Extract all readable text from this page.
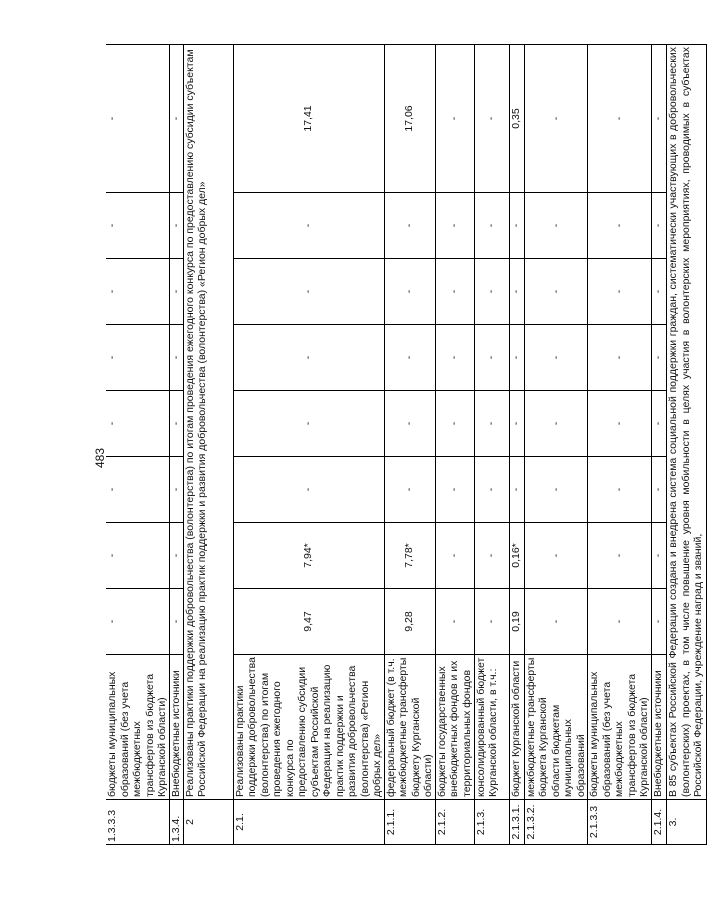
483
1.3.3.3	бюджеты муниципальных образований (без учета межбюджетных трансфертов из бюджета Курганской области)	-	-	-	-	-	-	-	-
1.3.4.	Внебюджетные источники	-	-	-	-	-	-	-	-
2	Реализованы практики поддержки добровольчества (волонтерства) по итогам проведения ежегодного конкурса по предоставлению субсидии субъектам Российской Федерации на реализацию практик поддержки и развития добровольчества (волонтерства) «Регион добрых дел»								
2.1.	Реализованы практики поддержки добровольчества (волонтерства) по итогам проведения ежегодного конкурса по предоставлению субсидии субъектам Российской Федерации на реализацию практик поддержки и развития добровольчества (волонтерства) «Регион добрых дел»	9,47	7,94*	-	-	-	-	-	17,41
2.1.1.	федеральный бюджет (в т.ч. межбюджетные трансферты бюджету Курганской области)	9,28	7,78*	-	-	-	-	-	17,06
2.1.2.	бюджеты государственных внебюджетных фондов и их территориальных фондов	-	-	-	-	-	-	-	-
2.1.3.	консолидированный бюджет Курганской области, в т.ч.:	-	-	-	-	-	-	-	-
2.1.3.1.	бюджет Курганской области	0,19	0,16*	-	-	-	-	-	0,35
2.1.3.2.	межбюджетные трансферты бюджета Курганской области бюджетам муниципальных образований	-	-	-	-	-	-	-	-
2.1.3.3	бюджеты муниципальных образований (без учета межбюджетных трансфертов из бюджета Курганской области)	-	-	-	-	-	-	-	-
2.1.4.	Внебюджетные источники	-	-	-	-	-	-	-	-
3.	В 85 субъектах Российской Федерации создана и внедрена система социальной поддержки граждан, систематически участвующих в добровольческих (волонтерских) проектах, в том числе повышение уровня мобильности в целях участия в волонтерских мероприятиях, проводимых в субъектах Российской Федерации, учреждение наград и званий,								
